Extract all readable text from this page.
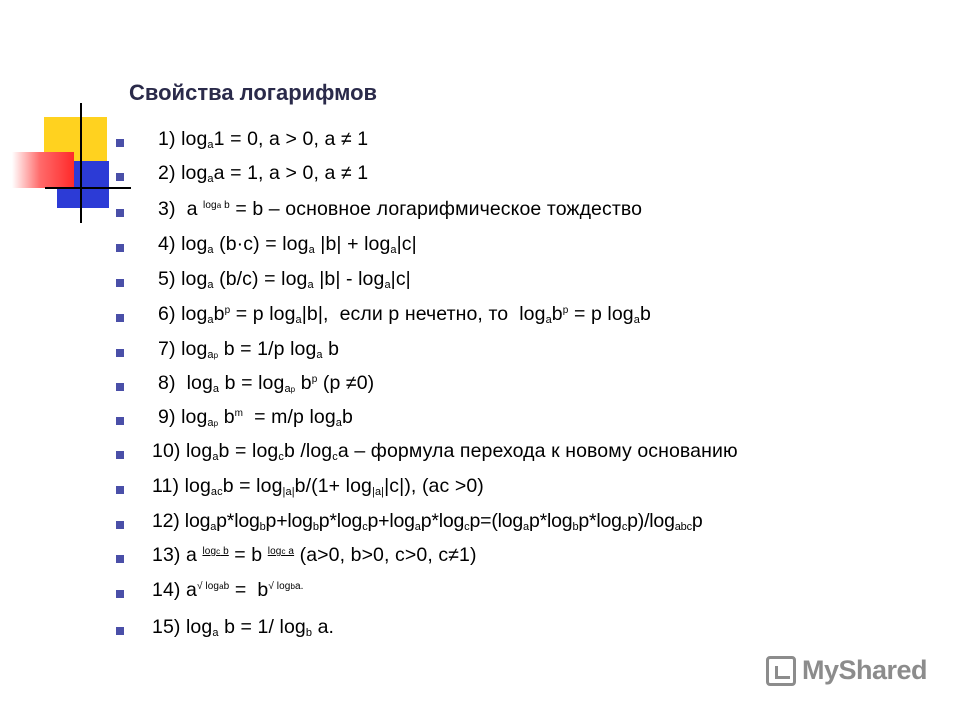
Свойства логарифмов
1) $\log_a1 = 0$, a > 0, a ≠ 1
2) $\log_aa = 1$, a > 0, a ≠ 1
3)  a $^{loga b}$ = b – основное логарифмическое тождество
4) $\log_a (b\cdot c) = \log_a |b| + \log_a|c|$
5) $\log_a (b/c) = \log_a |b| - \log_a|c|$
6) $\log_ab^p = p$ $\log_a|b|$,  если p нечетно, то  $\log_ab^p = p$ $\log_ab$
7) $\log_{ap} b = 1/p$ $\log_a b$
8)  $\log_a b = \log_{ap} b^p$ (p ≠0)
9) $\log_{ap} b^m = m/p$ $\log_ab$
10) $\log_ab = \log_cb$ $/\log_ca$ – формула перехода к новому основанию
11) $\log_{ac}b = \log_{|a|}b/(1+ \log_{|a|}|c|)$, (ac >0)
12) $\log_ap*\log_bp+\log_bp*\log_cp+\log_ap*\log_cp=(\log_ap*\log_bp*\log_cp)/\log_{abc}p$
13) a $^{logc b}$ = b $^{logc a}$ (a>0, b>0, c>0, c≠1)
14) $a^{√ logab} = b^{√ logba.}$
15) $\log_a b = 1/$ $\log_b a$.
MyShared
